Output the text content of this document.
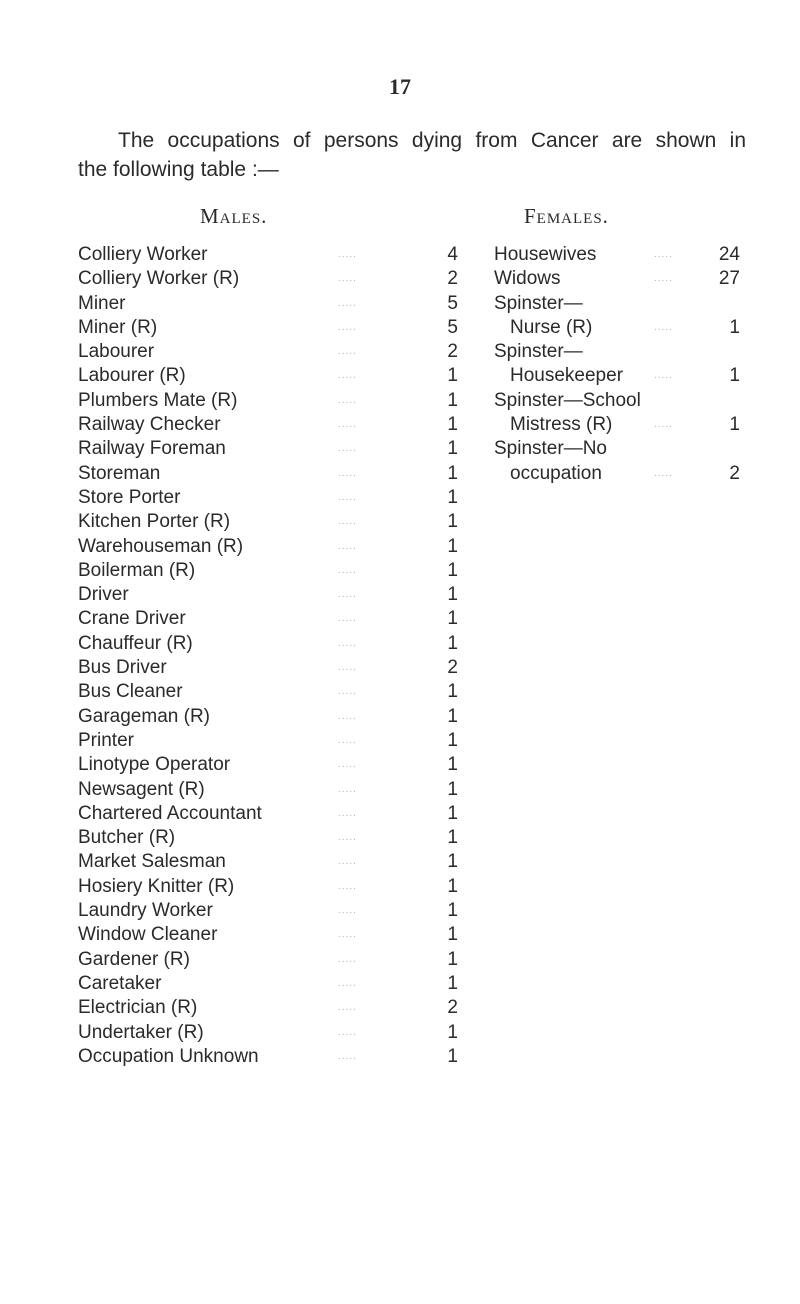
17
The occupations of persons dying from Cancer are shown in
the following table :—
Males.	Females.
Colliery Worker	.....	4
Colliery Worker (R)	.....	2
Miner	.....	5
Miner (R)	.....	5
Labourer	.....	2
Labourer (R)	.....	1
Plumbers Mate (R)	.....	1
Railway Checker	.....	1
Railway Foreman	.....	1
Storeman	.....	1
Store Porter	.....	1
Kitchen Porter (R)	.....	1
Warehouseman (R)	.....	1
Boilerman (R)	.....	1
Driver	.....	1
Crane Driver	.....	1
Chauffeur (R)	.....	1
Bus Driver	.....	2
Bus Cleaner	.....	1
Garageman (R)	.....	1
Printer	.....	1
Linotype Operator	.....	1
Newsagent (R)	.....	1
Chartered Accountant	.....	1
Butcher (R)	.....	1
Market Salesman	.....	1
Hosiery Knitter (R)	.....	1
Laundry Worker	.....	1
Window Cleaner	.....	1
Gardener (R)	.....	1
Caretaker	.....	1
Electrician (R)	.....	2
Undertaker (R)	.....	1
Occupation Unknown	.....	1
Housewives	.....	24
Widows	.....	27
Spinster—
Nurse (R)	.....	1
Spinster—
Housekeeper	.....	1
Spinster—School
Mistress (R)	.....	1
Spinster—No
occupation	.....	2
